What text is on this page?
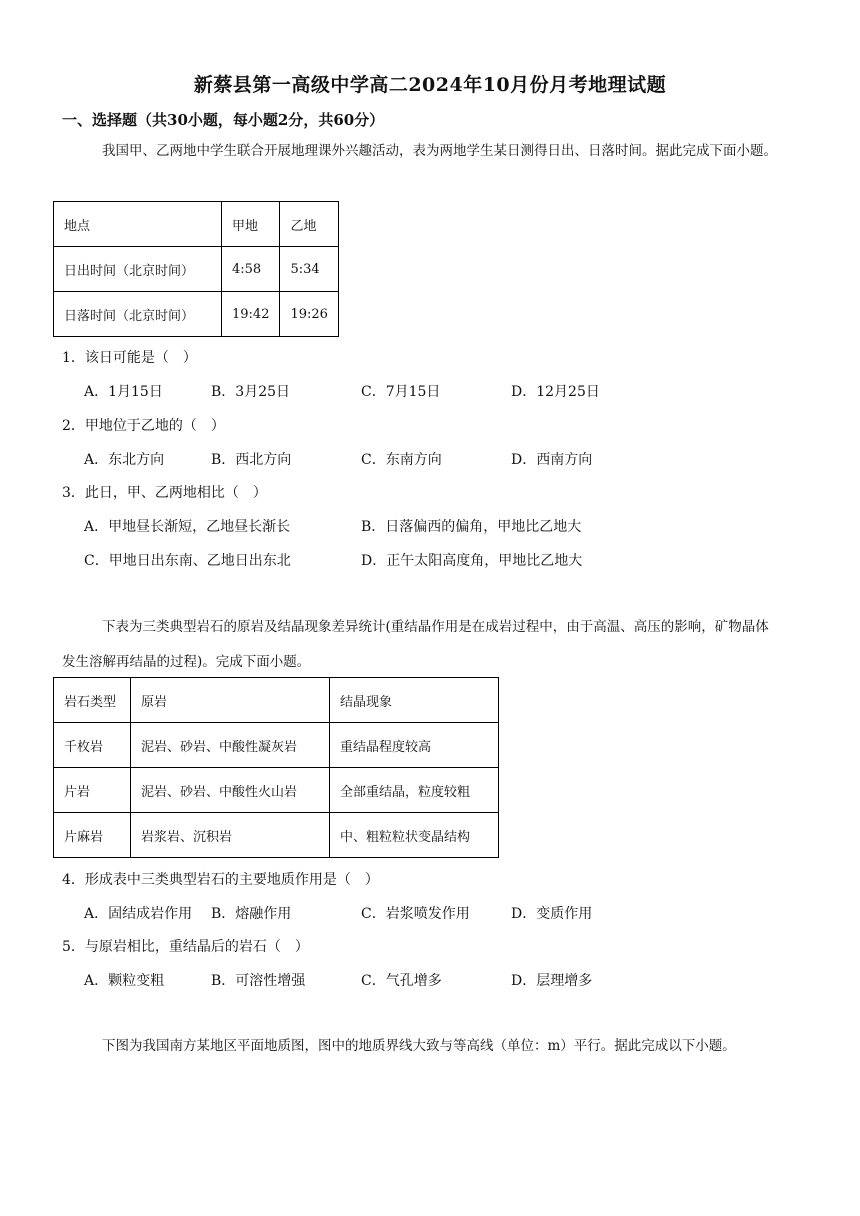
新蔡县第一高级中学高二2024年10月份月考地理试题
一、选择题（共30小题，每小题2分，共60分）
我国甲、乙两地中学生联合开展地理课外兴趣活动，表为两地学生某日测得日出、日落时间。据此完成下面小题。
地点	甲地	乙地
日出时间（北京时间）	4:58	5:34
日落时间（北京时间）	19:42	19:26
1．该日可能是（　）
A．1月15日	B．3月25日	C．7月15日	D．12月25日
2．甲地位于乙地的（　）
A．东北方向	B．西北方向	C．东南方向	D．西南方向
3．此日，甲、乙两地相比（　）
A．甲地昼长渐短，乙地昼长渐长	B．日落偏西的偏角，甲地比乙地大
C．甲地日出东南、乙地日出东北	D．正午太阳高度角，甲地比乙地大
下表为三类典型岩石的原岩及结晶现象差异统计(重结晶作用是在成岩过程中，由于高温、高压的影响，矿物晶体发生溶解再结晶的过程)。完成下面小题。
岩石类型	原岩	结晶现象
千枚岩	泥岩、砂岩、中酸性凝灰岩	重结晶程度较高
片岩	泥岩、砂岩、中酸性火山岩	全部重结晶，粒度较粗
片麻岩	岩浆岩、沉积岩	中、粗粒粒状变晶结构
4．形成表中三类典型岩石的主要地质作用是（　）
A．固结成岩作用 B．熔融作用	C．岩浆喷发作用	D．变质作用
5．与原岩相比，重结晶后的岩石（　）
A．颗粒变粗	B．可溶性增强	C．气孔增多	D．层理增多
下图为我国南方某地区平面地质图，图中的地质界线大致与等高线（单位：m）平行。据此完成以下小题。
